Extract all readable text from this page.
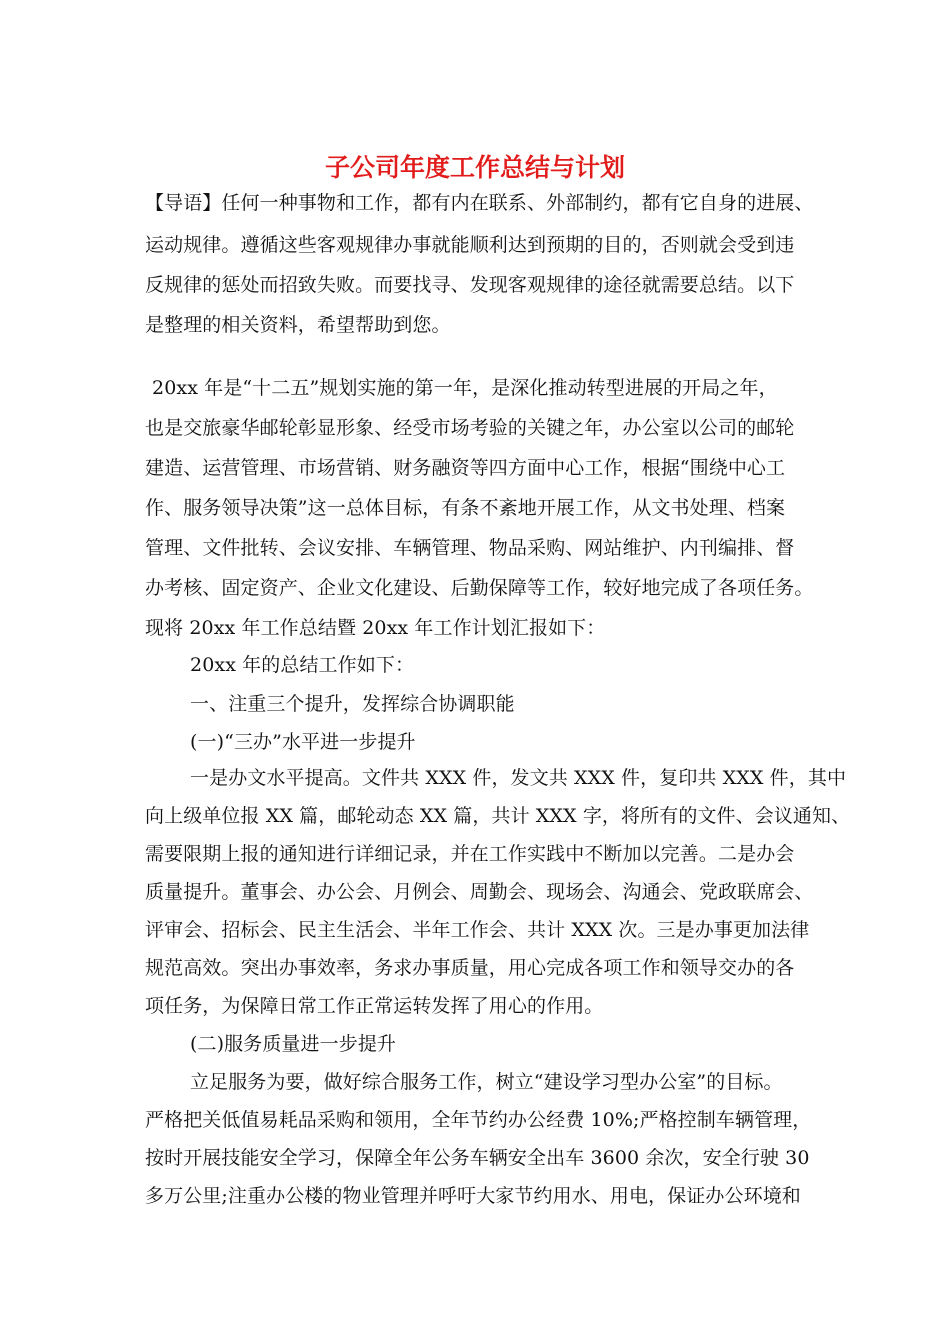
子公司年度工作总结与计划
【导语】任何一种事物和工作，都有内在联系、外部制约，都有它自身的进展、
运动规律。遵循这些客观规律办事就能顺利达到预期的目的，否则就会受到违
反规律的惩处而招致失败。而要找寻、发现客观规律的途径就需要总结。以下
是整理的相关资料，希望帮助到您。
20xx 年是“十二五”规划实施的第一年，是深化推动转型进展的开局之年，
也是交旅豪华邮轮彰显形象、经受市场考验的关键之年，办公室以公司的邮轮
建造、运营管理、市场营销、财务融资等四方面中心工作，根据“围绕中心工
作、服务领导决策”这一总体目标，有条不紊地开展工作，从文书处理、档案
管理、文件批转、会议安排、车辆管理、物品采购、网站维护、内刊编排、督
办考核、固定资产、企业文化建设、后勤保障等工作，较好地完成了各项任务。
现将 20xx 年工作总结暨 20xx 年工作计划汇报如下：
20xx 年的总结工作如下：
一、注重三个提升，发挥综合协调职能
(一)“三办”水平进一步提升
一是办文水平提高。文件共 XXX 件，发文共 XXX 件，复印共 XXX 件，其中
向上级单位报 XX 篇，邮轮动态 XX 篇，共计 XXX 字，将所有的文件、会议通知、
需要限期上报的通知进行详细记录，并在工作实践中不断加以完善。二是办会
质量提升。董事会、办公会、月例会、周勤会、现场会、沟通会、党政联席会、
评审会、招标会、民主生活会、半年工作会、共计 XXX 次。三是办事更加法律
规范高效。突出办事效率，务求办事质量，用心完成各项工作和领导交办的各
项任务，为保障日常工作正常运转发挥了用心的作用。
(二)服务质量进一步提升
立足服务为要，做好综合服务工作，树立“建设学习型办公室”的目标。
严格把关低值易耗品采购和领用，全年节约办公经费 10%;严格控制车辆管理，
按时开展技能安全学习，保障全年公务车辆安全出车 3600 余次，安全行驶 30
多万公里;注重办公楼的物业管理并呼吁大家节约用水、用电，保证办公环境和
